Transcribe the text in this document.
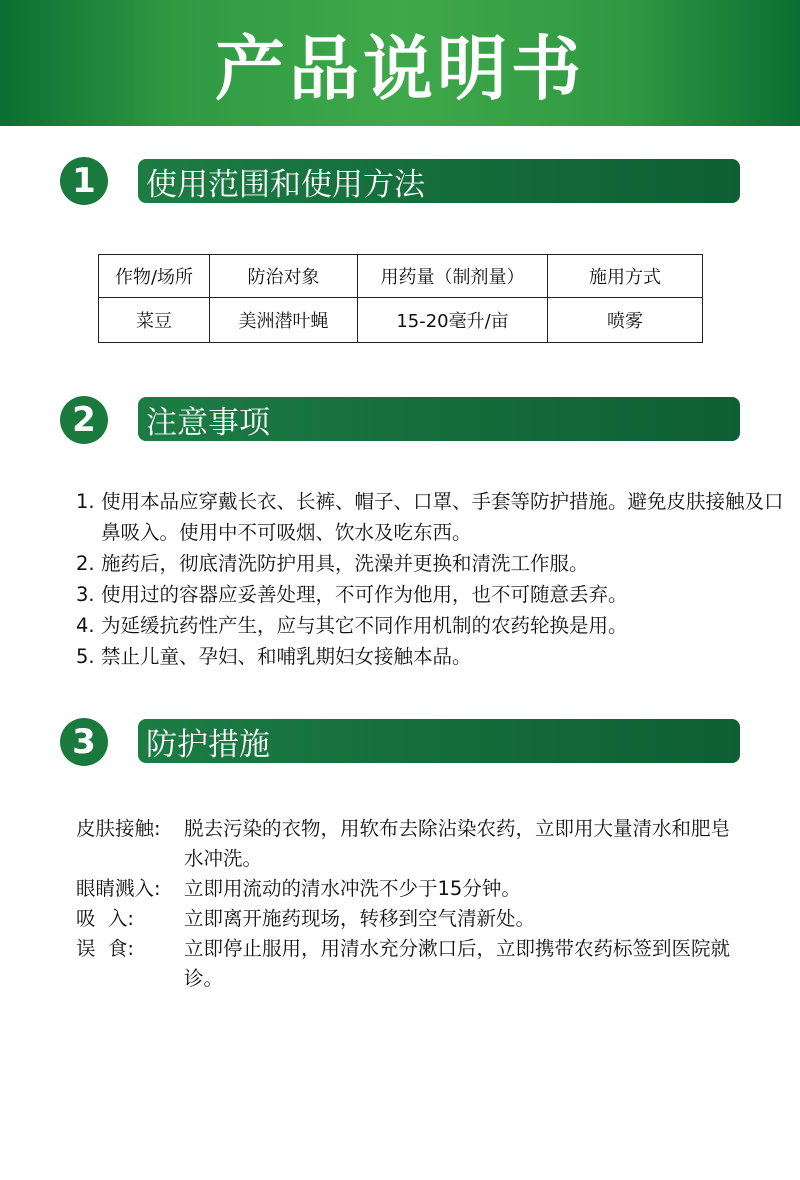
产品说明书
1	使用范围和使用方法
作物/场所	防治对象	用药量（制剂量）	施用方式
菜豆	美洲潜叶蝇	15-20毫升/亩	喷雾
2	注意事项
1. 使用本品应穿戴长衣、长裤、帽子、口罩、手套等防护措施。避免皮肤接触及口鼻吸入。使用中不可吸烟、饮水及吃东西。
2. 施药后，彻底清洗防护用具，洗澡并更换和清洗工作服。
3. 使用过的容器应妥善处理，不可作为他用，也不可随意丢弃。
4. 为延缓抗药性产生，应与其它不同作用机制的农药轮换是用。
5. 禁止儿童、孕妇、和哺乳期妇女接触本品。
3	防护措施
皮肤接触:	脱去污染的衣物，用软布去除沾染农药，立即用大量清水和肥皂水冲洗。
眼睛溅入:	立即用流动的清水冲洗不少于15分钟。
吸  入:	立即离开施药现场，转移到空气清新处。
误  食:	立即停止服用，用清水充分漱口后，立即携带农药标签到医院就诊。
